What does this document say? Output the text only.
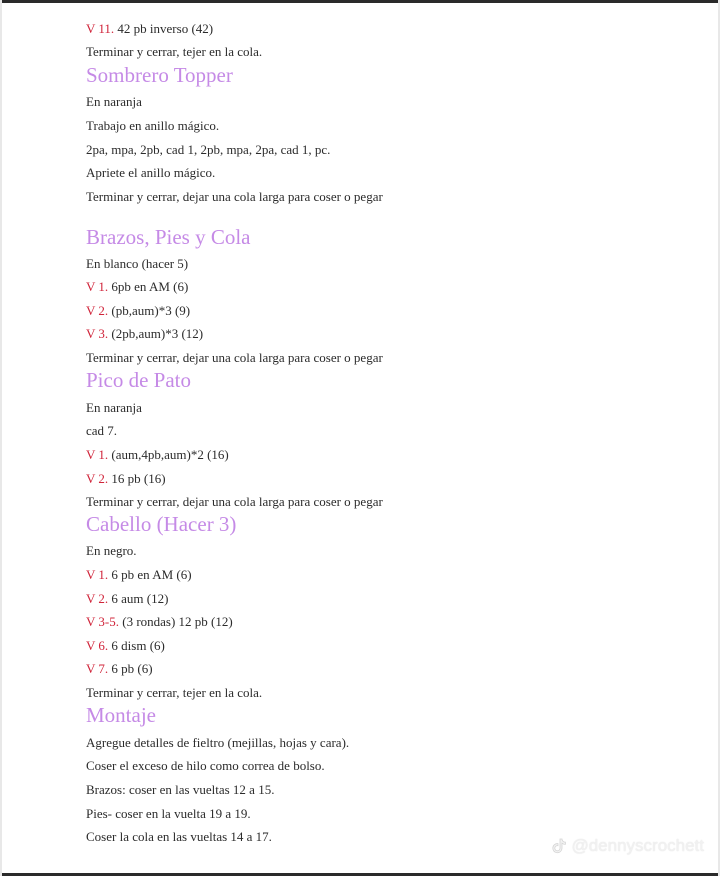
V 11. 42 pb inverso (42)
Terminar y cerrar, tejer en la cola.
Sombrero Topper
En naranja
Trabajo en anillo mágico.
2pa, mpa, 2pb, cad 1, 2pb, mpa, 2pa, cad 1, pc.
Apriete el anillo mágico.
Terminar y cerrar, dejar una cola larga para coser o pegar
Brazos, Pies y Cola
En blanco (hacer 5)
V 1. 6pb en AM (6)
V 2. (pb,aum)*3 (9)
V 3. (2pb,aum)*3 (12)
Terminar y cerrar, dejar una cola larga para coser o pegar
Pico de Pato
En naranja
cad 7.
V 1. (aum,4pb,aum)*2 (16)
V 2. 16 pb (16)
Terminar y cerrar, dejar una cola larga para coser o pegar
Cabello (Hacer 3)
En negro.
V 1. 6 pb en AM (6)
V 2. 6 aum (12)
V 3-5. (3 rondas) 12 pb (12)
V 6. 6 dism (6)
V 7. 6 pb (6)
Terminar y cerrar, tejer en la cola.
Montaje
Agregue detalles de fieltro (mejillas, hojas y cara).
Coser el exceso de hilo como correa de bolso.
Brazos: coser en las vueltas 12 a 15.
Pies- coser en la vuelta 19 a 19.
Coser la cola en las vueltas 14 a 17.	@dennyscrochett
